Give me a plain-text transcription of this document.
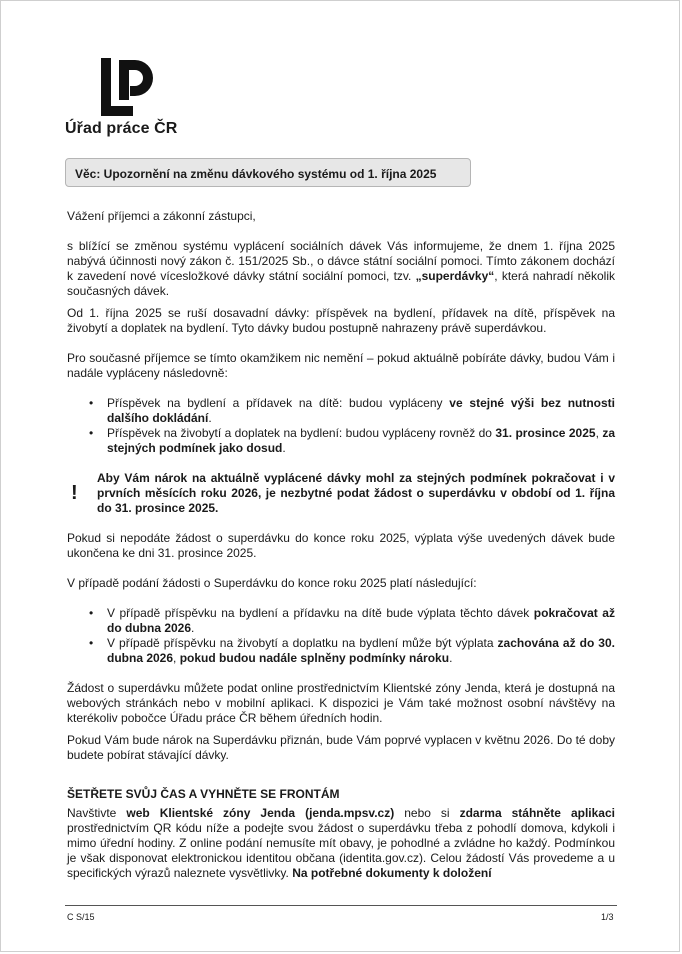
Úřad práce ČR
Věc: Upozornění na změnu dávkového systému od 1. října 2025

Vážení příjemci a zákonní zástupci,

s blížící se změnou systému vyplácení sociálních dávek Vás informujeme, že dnem 1. října 2025 nabývá účinnosti nový zákon č. 151/2025 Sb., o dávce státní sociální pomoci. Tímto zákonem dochází k zavedení nové vícesložkové dávky státní sociální pomoci, tzv. „superdávky“, která nahradí několik současných dávek.

Od 1. října 2025 se ruší dosavadní dávky: příspěvek na bydlení, přídavek na dítě, příspěvek na živobytí a doplatek na bydlení. Tyto dávky budou postupně nahrazeny právě superdávkou.

Pro současné příjemce se tímto okamžikem nic nemění – pokud aktuálně pobíráte dávky, budou Vám i nadále vypláceny následovně:

• Příspěvek na bydlení a přídavek na dítě: budou vypláceny ve stejné výši bez nutnosti dalšího dokládání.
• Příspěvek na živobytí a doplatek na bydlení: budou vypláceny rovněž do 31. prosince 2025, za stejných podmínek jako dosud.
!
Aby Vám nárok na aktuálně vyplácené dávky mohl za stejných podmínek pokračovat i v prvních měsících roku 2026, je nezbytné podat žádost o superdávku v období od 1. října do 31. prosince 2025.

Pokud si nepodáte žádost o superdávku do konce roku 2025, výplata výše uvedených dávek bude ukončena ke dni 31. prosince 2025.

V případě podání žádosti o Superdávku do konce roku 2025 platí následující:

• V případě příspěvku na bydlení a přídavku na dítě bude výplata těchto dávek pokračovat až do dubna 2026.
• V případě příspěvku na živobytí a doplatku na bydlení může být výplata zachována až do 30. dubna 2026, pokud budou nadále splněny podmínky nároku.

Žádost o superdávku můžete podat online prostřednictvím Klientské zóny Jenda, která je dostupná na webových stránkách nebo v mobilní aplikaci. K dispozici je Vám také možnost osobní návštěvy na kterékoliv pobočce Úřadu práce ČR během úředních hodin.

Pokud Vám bude nárok na Superdávku přiznán, bude Vám poprvé vyplacen v květnu 2026. Do té doby budete pobírat stávající dávky.

ŠETŘETE SVŮJ ČAS A VYHNĚTE SE FRONTÁM

Navštivte web Klientské zóny Jenda (jenda.mpsv.cz) nebo si zdarma stáhněte aplikaci prostřednictvím QR kódu níže a podejte svou žádost o superdávku třeba z pohodlí domova, kdykoli i mimo úřední hodiny. Z online podání nemusíte mít obavy, je pohodlné a zvládne ho každý. Podmínkou je však disponovat elektronickou identitou občana (identita.gov.cz). Celou žádostí Vás provedeme a u specifických výrazů naleznete vysvětlivky. Na potřebné dokumenty k doložení

C S/15	1/3
